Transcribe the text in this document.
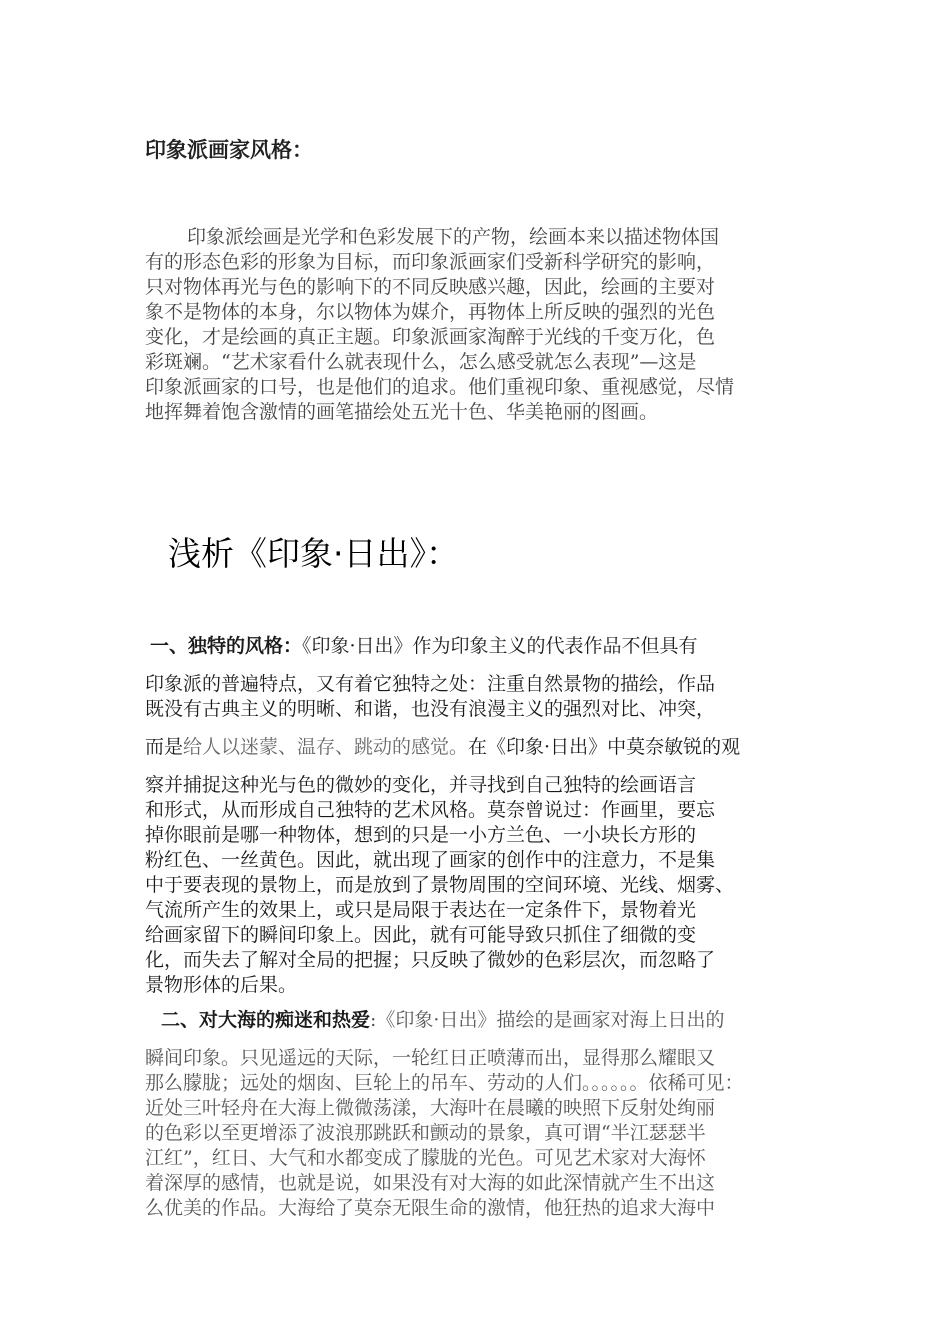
印象派画家风格：
印象派绘画是光学和色彩发展下的产物，绘画本来以描述物体国
有的形态色彩的形象为目标，而印象派画家们受新科学研究的影响，
只对物体再光与色的影响下的不同反映感兴趣，因此，绘画的主要对
象不是物体的本身，尔以物体为媒介，再物体上所反映的强烈的光色
变化，才是绘画的真正主题。印象派画家淘醉于光线的千变万化，色
彩斑斓。“艺术家看什么就表现什么，怎么感受就怎么表现”—这是
印象派画家的口号，也是他们的追求。他们重视印象、重视感觉，尽情
地挥舞着饱含激情的画笔描绘处五光十色、华美艳丽的图画。
浅析《印象·日出》：
一、独特的风格：《印象·日出》作为印象主义的代表作品不但具有
印象派的普遍特点，又有着它独特之处：注重自然景物的描绘，作品
既没有古典主义的明晰、和谐，也没有浪漫主义的强烈对比、冲突，
而是给人以迷蒙、温存、跳动的感觉。在《印象·日出》中莫奈敏锐的观
察并捕捉这种光与色的微妙的变化，并寻找到自己独特的绘画语言
和形式，从而形成自己独特的艺术风格。莫奈曾说过：作画里，要忘
掉你眼前是哪一种物体，想到的只是一小方兰色、一小块长方形的
粉红色、一丝黄色。因此，就出现了画家的创作中的注意力，不是集
中于要表现的景物上，而是放到了景物周围的空间环境、光线、烟雾、
气流所产生的效果上，或只是局限于表达在一定条件下，景物着光
给画家留下的瞬间印象上。因此，就有可能导致只抓住了细微的变
化，而失去了解对全局的把握；只反映了微妙的色彩层次，而忽略了
景物形体的后果。
二、对大海的痴迷和热爱:《印象·日出》描绘的是画家对海上日出的
瞬间印象。只见遥远的天际，一轮红日正喷薄而出，显得那么耀眼又
那么朦胧；远处的烟囱、巨轮上的吊车、劳动的人们。。。。。。依稀可见：
近处三叶轻舟在大海上微微荡漾，大海叶在晨曦的映照下反射处绚丽
的色彩以至更增添了波浪那跳跃和颤动的景象，真可谓“半江瑟瑟半
江红”，红日、大气和水都变成了朦胧的光色。可见艺术家对大海怀
着深厚的感情，也就是说，如果没有对大海的如此深情就产生不出这
么优美的作品。大海给了莫奈无限生命的激情，他狂热的追求大海中
